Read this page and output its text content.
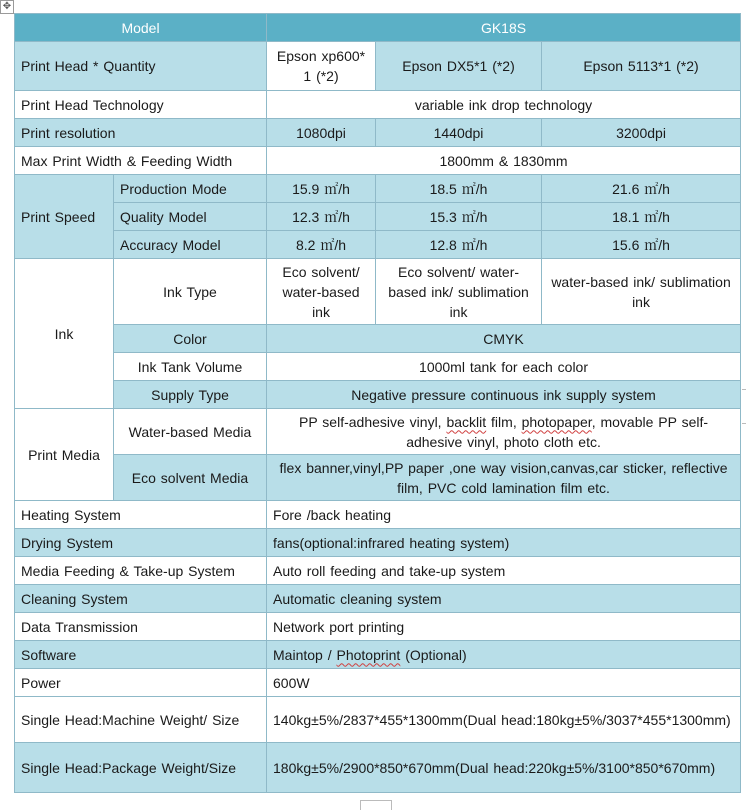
✥
Model		GK18S		
Print Head * Quantity		Epson xp600* 1 (*2)	Epson DX5*1 (*2)	Epson 5113*1 (*2)
Print Head Technology		variable ink drop technology		
Print resolution		1080dpi	1440dpi	3200dpi
Max Print Width & Feeding Width		1800mm & 1830mm		
Print Speed	Production Mode	15.9 ㎡/h	18.5 ㎡/h	21.6 ㎡/h
	Quality Model	12.3 ㎡/h	15.3 ㎡/h	18.1 ㎡/h
	Accuracy Model	8.2 ㎡/h	12.8 ㎡/h	15.6 ㎡/h
Ink	Ink Type	Eco solvent/ water-based ink	Eco solvent/ water-based ink/ sublimation ink	water-based ink/ sublimation ink
	Color	CMYK		
	Ink Tank Volume	1000ml tank for each color		
	Supply Type	Negative pressure continuous ink supply system		
Print Media	Water-based Media	PP self-adhesive vinyl, backlit film, photopaper, movable PP self-adhesive vinyl, photo cloth etc.		
	Eco solvent Media	flex banner,vinyl,PP paper ,one way vision,canvas,car sticker, reflective film, PVC cold lamination film etc.		
Heating System		Fore /back heating		
Drying System		fans(optional:infrared heating system)		
Media Feeding & Take-up System		Auto roll feeding and take-up system		
Cleaning System		Automatic cleaning system		
Data Transmission		Network port printing		
Software		Maintop / Photoprint (Optional)		
Power		600W		
Single Head:Machine Weight/ Size		140kg±5%/2837*455*1300mm(Dual head:180kg±5%/3037*455*1300mm)		
Single Head:Package Weight/Size		180kg±5%/2900*850*670mm(Dual head:220kg±5%/3100*850*670mm)		
